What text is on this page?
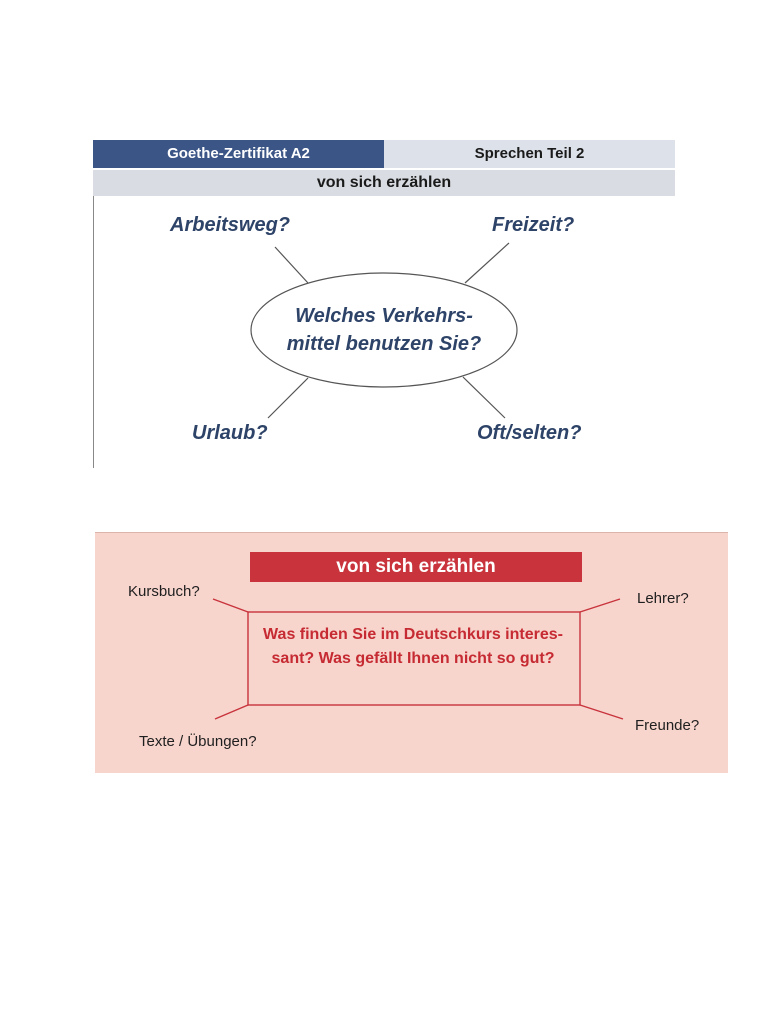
Goethe-Zertifikat A2	Sprechen Teil 2
von sich erzählen
Arbeitsweg?	Freizeit?
Urlaub?	Oft/selten?
Welches Verkehrs-
mittel benutzen Sie?
von sich erzählen
Kursbuch?	Lehrer?
Texte / Übungen?
Freunde?
Was finden Sie im Deutschkurs interes-
sant? Was gefällt Ihnen nicht so gut?
